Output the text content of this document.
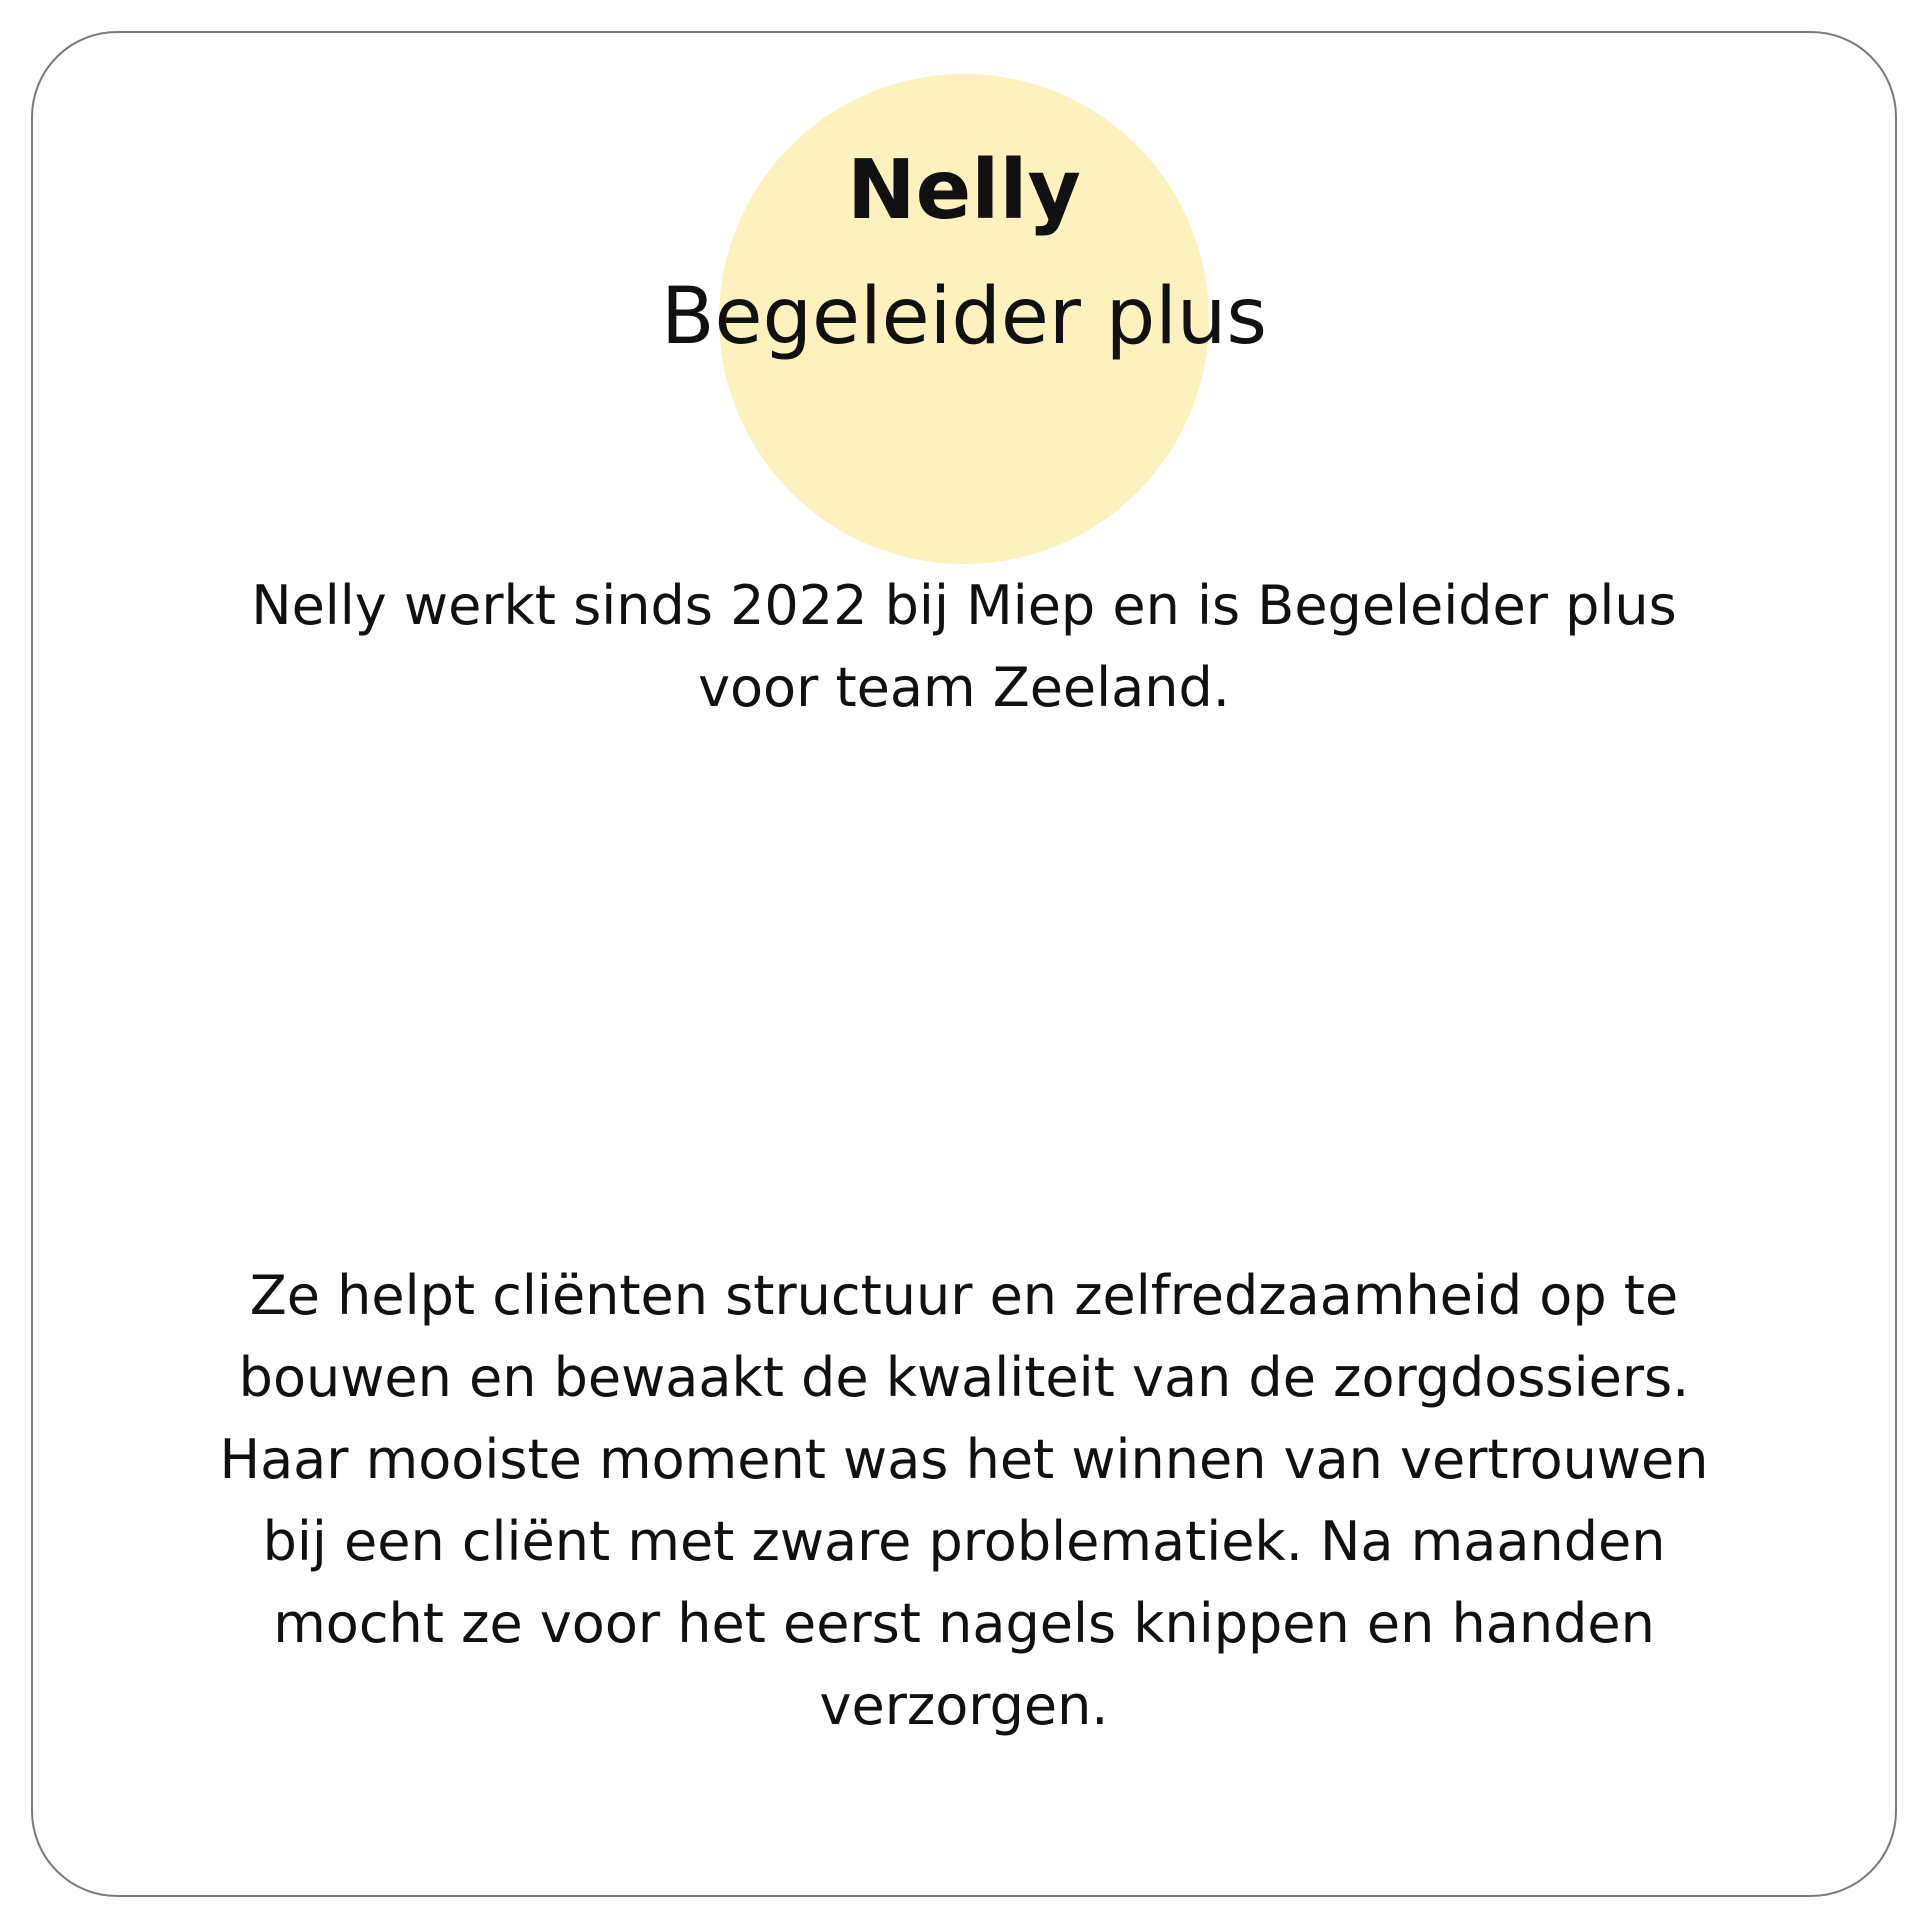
Nelly
Begeleider plus

Nelly werkt sinds 2022 bij Miep en is Begeleider plus voor team Zeeland.

Ze helpt cliënten structuur en zelfredzaamheid op te bouwen en bewaakt de kwaliteit van de zorgdossiers. Haar mooiste moment was het winnen van vertrouwen bij een cliënt met zware problematiek. Na maanden mocht ze voor het eerst nagels knippen en handen verzorgen.
